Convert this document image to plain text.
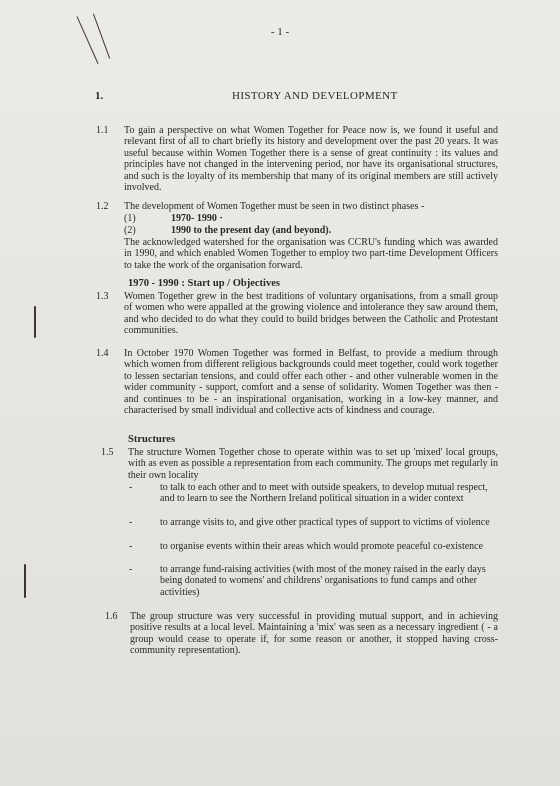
- 1 -
1.	HISTORY AND DEVELOPMENT
1.1 To gain a perspective on what Women Together for Peace now is, we found it useful and relevant first of all to chart briefly its history and development over the past 20 years. It was useful because within Women Together there is a sense of great continuity : its values and principles have not changed in the intervening period, nor have its organisational structures, and such is the loyalty of its membership that many of its original members are still actively involved.

1.2 The development of Women Together must be seen in two distinct phases -

(1)	1970- 1990 ·
(2)	1990 to the present day (and beyond).

The acknowledged watershed for the organisation was CCRU's funding which was awarded in 1990, and which enabled Women Together to employ two part-time Development Officers to take the work of the organisation forward.

1970 - 1990 : Start up / Objectives
1.3 Women Together grew in the best traditions of voluntary organisations, from a small group of women who were appalled at the growing violence and intolerance they saw around them, and who decided to do what they could to build bridges between the Catholic and Protestant communities.

1.4 In October 1970 Women Together was formed in Belfast, to provide a medium through which women from different religious backgrounds could meet together, could work together to lessen sectarian tensions, and could offer each other - and other vulnerable women in the wider community - support, comfort and a sense of solidarity. Women Together was then - and continues to be - an inspirational organisation, working in a low-key manner, and characterised by small individual and collective acts of kindness and courage.

Structures
1.5 The structure Women Together chose to operate within was to set up 'mixed' local groups, with as even as possible a representation from each community. The groups met regularly in their own locality

-	to talk to each other and to meet with outside speakers, to develop mutual respect, and to learn to see the Northern Ireland political situation in a wider context

-	to arrange visits to, and give other practical types of support to victims of violence

-	to organise events within their areas which would promote peaceful co-existence

-	to arrange fund-raising activities (with most of the money raised in the early days being donated to womens' and childrens' organisations to fund camps and other activities)

1.6 The group structure was very successful in providing mutual support, and in achieving positive results at a local level. Maintaining a 'mix' was seen as a necessary ingredient ( - a group would cease to operate if, for some reason or another, it stopped having cross-community representation).
